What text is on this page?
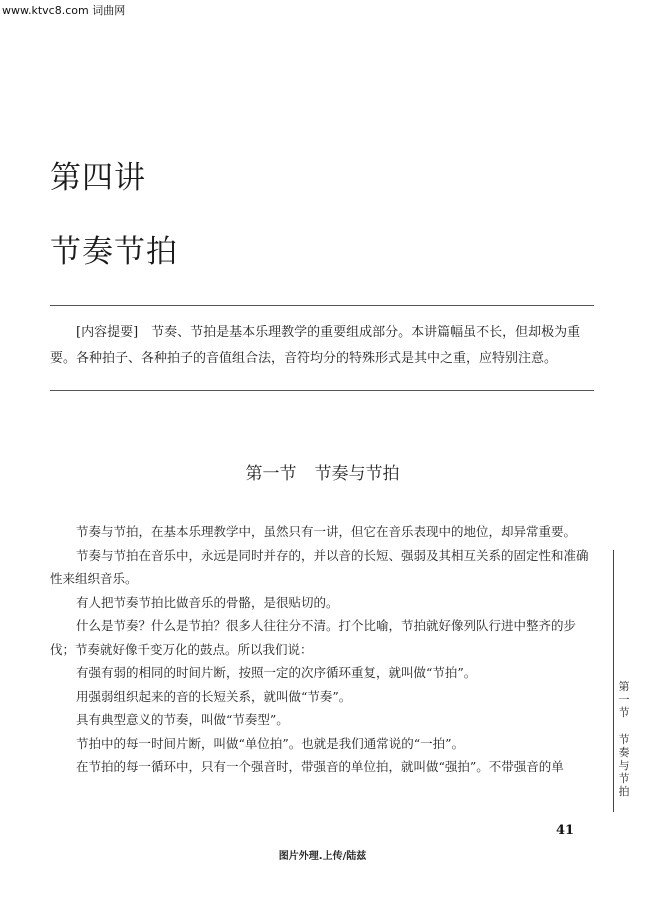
www.ktvc8.com 词曲网
第四讲
节奏节拍

[内容提要]　节奏、节拍是基本乐理教学的重要组成部分。本讲篇幅虽不长，但却极为重要。各种拍子、各种拍子的音值组合法，音符均分的特殊形式是其中之重，应特别注意。

第一节 节奏与节拍

节奏与节拍，在基本乐理教学中，虽然只有一讲，但它在音乐表现中的地位，却异常重要。

节奏与节拍在音乐中，永远是同时并存的，并以音的长短、强弱及其相互关系的固定性和准确性来组织音乐。

有人把节奏节拍比做音乐的骨骼，是很贴切的。

什么是节奏？什么是节拍？很多人往往分不清。打个比喻，节拍就好像列队行进中整齐的步伐；节奏就好像千变万化的鼓点。所以我们说：

有强有弱的相同的时间片断，按照一定的次序循环重复，就叫做“节拍”。

用强弱组织起来的音的长短关系，就叫做“节奏”。

具有典型意义的节奏，叫做“节奏型”。

节拍中的每一时间片断，叫做“单位拍”。也就是我们通常说的“一拍”。

在节拍的每一循环中，只有一个强音时，带强音的单位拍，就叫做“强拍”。不带强音的单

第
一
节
节
奏
与
节
拍
41
图片外理.上传/陆兹
